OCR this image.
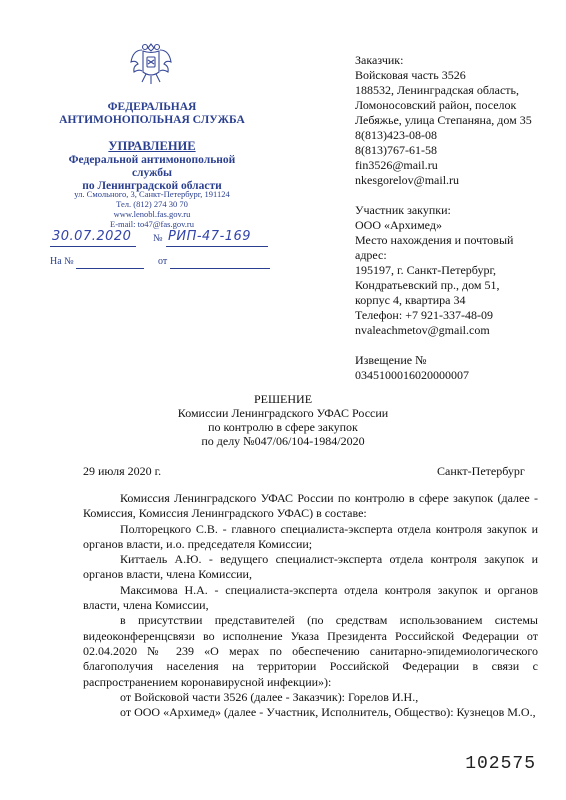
ФЕДЕРАЛЬНАЯ
АНТИМОНОПОЛЬНАЯ СЛУЖБА
УПРАВЛЕНИЕ
Федеральной антимонопольной службы
по Ленинградской области
ул. Смольного, 3, Санкт-Петербург, 191124
Тел. (812) 274 30 70
www.lenobl.fas.gov.ru
E-mail: to47@fas.gov.ru
30.07.2020 № РИП-47-169
На №	от
Заказчик:
Войсковая часть 3526
188532, Ленинградская область,
Ломоносовский район, поселок
Лебяжье, улица Степаняна, дом 35
8(813)423-08-08
8(813)767-61-58
fin3526@mail.ru
nkesgorelov@mail.ru
Участник закупки:
ООО «Архимед»
Место нахождения и почтовый
адрес:
195197, г. Санкт-Петербург,
Кондратьевский пр., дом 51,
корпус 4, квартира 34
Телефон: +7 921-337-48-09
nvaleachmetov@gmail.com
Извещение №
0345100016020000007
РЕШЕНИЕ
Комиссии Ленинградского УФАС России
по контролю в сфере закупок
по делу №047/06/104-1984/2020
29 июля 2020 г.	Санкт-Петербург

Комиссия Ленинградского УФАС России по контролю в сфере закупок (далее - Комиссия, Комиссия Ленинградского УФАС) в составе:

Полторецкого С.В. - главного специалиста-эксперта отдела контроля закупок и органов власти, и.о. председателя Комиссии;

Киттаель А.Ю. - ведущего специалист-эксперта отдела контроля закупок и органов власти, члена Комиссии,

Максимова Н.А. - специалиста-эксперта отдела контроля закупок и органов власти, члена Комиссии,

в присутствии представителей (по средствам использованием системы видеоконференцсвязи во исполнение Указа Президента Российской Федерации от 02.04.2020 № 239 «О мерах по обеспечению санитарно-эпидемиологического благополучия населения на территории Российской Федерации в связи с распространением коронавирусной инфекции»):

от Войсковой части 3526 (далее - Заказчик): Горелов И.Н.,

от ООО «Архимед» (далее - Участник, Исполнитель, Общество): Кузнецов М.О.,

102575
